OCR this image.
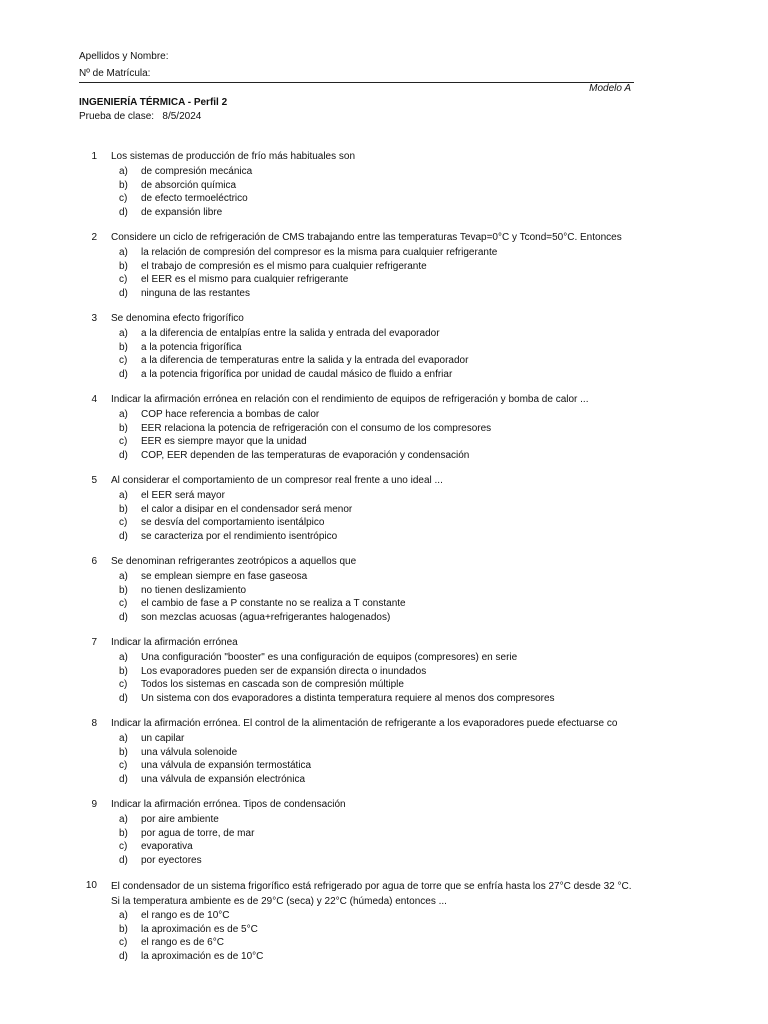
Apellidos y Nombre:
Nº de Matrícula:
Modelo A
INGENIERÍA TÉRMICA - Perfil 2
Prueba de clase: 8/5/2024
1 Los sistemas de producción de frío más habituales son
a) de compresión mecánica
b) de absorción química
c) de efecto termoeléctrico
d) de expansión libre
2 Considere un ciclo de refrigeración de CMS trabajando entre las temperaturas Tevap=0°C y Tcond=50°C. Entonces
a) la relación de compresión del compresor es la misma para cualquier refrigerante
b) el trabajo de compresión es el mismo para cualquier refrigerante
c) el EER es el mismo para cualquier refrigerante
d) ninguna de las restantes
3 Se denomina efecto frigorífico
a) a la diferencia de entalpías entre la salida y entrada del evaporador
b) a la potencia frigorífica
c) a la diferencia de temperaturas entre la salida y la entrada del evaporador
d) a la potencia frigorífica por unidad de caudal másico de fluido a enfriar
4 Indicar la afirmación errónea en relación con el rendimiento de equipos de refrigeración y bomba de calor ...
a) COP hace referencia a bombas de calor
b) EER relaciona la potencia de refrigeración con el consumo de los compresores
c) EER es siempre mayor que la unidad
d) COP, EER dependen de las temperaturas de evaporación y condensación
5 Al considerar el comportamiento de un compresor real frente a uno ideal ...
a) el EER será mayor
b) el calor a disipar en el condensador será menor
c) se desvía del comportamiento isentálpico
d) se caracteriza por el rendimiento isentrópico
6 Se denominan refrigerantes zeotrópicos a aquellos que
a) se emplean siempre en fase gaseosa
b) no tienen deslizamiento
c) el cambio de fase a P constante no se realiza a T constante
d) son mezclas acuosas (agua+refrigerantes halogenados)
7 Indicar la afirmación errónea
a) Una configuración "booster" es una configuración de equipos (compresores) en serie
b) Los evaporadores pueden ser de expansión directa o inundados
c) Todos los sistemas en cascada son de compresión múltiple
d) Un sistema con dos evaporadores a distinta temperatura requiere al menos dos compresores
8 Indicar la afirmación errónea. El control de la alimentación de refrigerante a los evaporadores puede efectuarse co
a) un capilar
b) una válvula solenoide
c) una válvula de expansión termostática
d) una válvula de expansión electrónica
9 Indicar la afirmación errónea. Tipos de condensación
a) por aire ambiente
b) por agua de torre, de mar
c) evaporativa
d) por eyectores
10 El condensador de un sistema frigorífico está refrigerado por agua de torre que se enfría hasta los 27°C desde 32 °C. Si la temperatura ambiente es de 29°C (seca) y 22°C (húmeda) entonces ...
a) el rango es de 10°C
b) la aproximación es de 5°C
c) el rango es de 6°C
d) la aproximación es de 10°C
